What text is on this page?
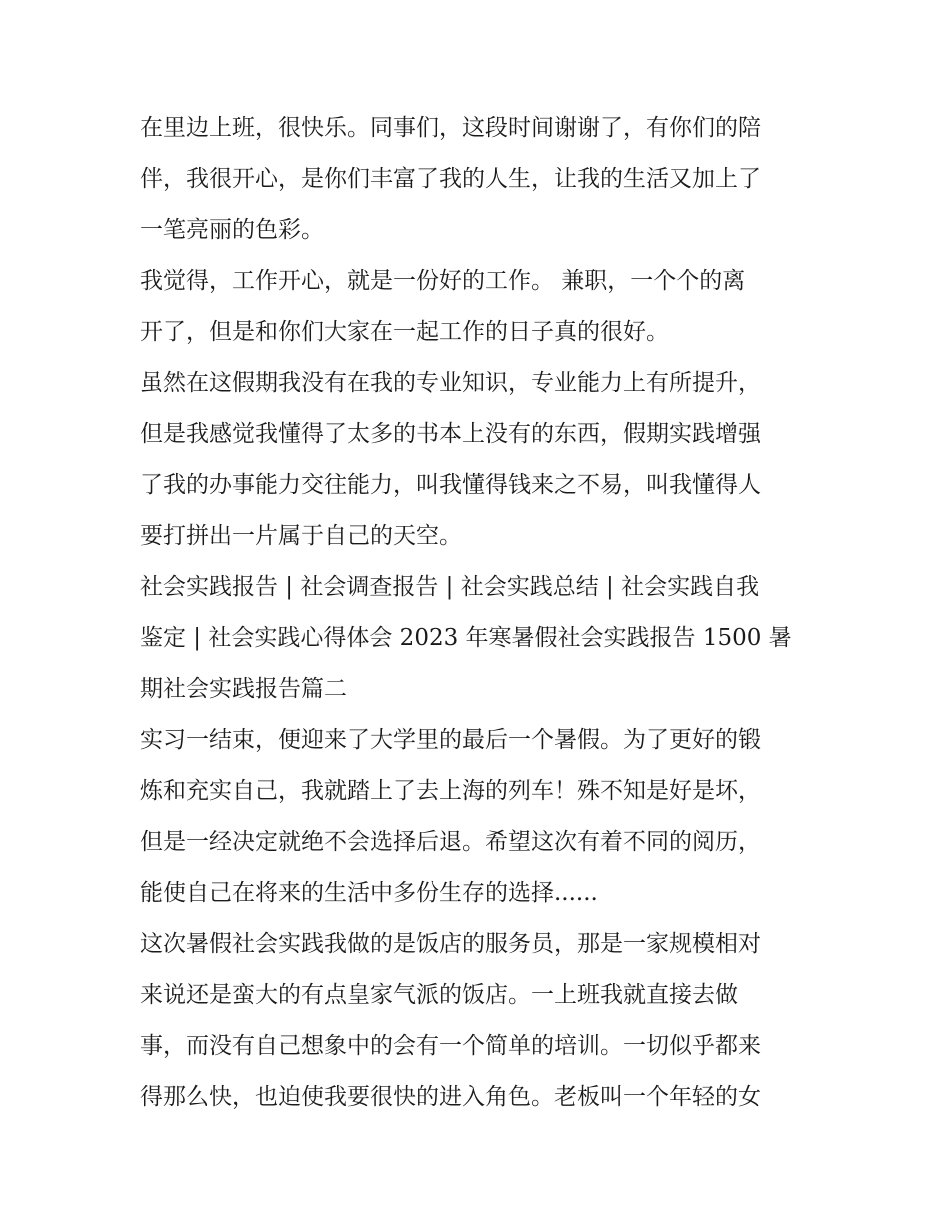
在里边上班，很快乐。同事们，这段时间谢谢了，有你们的陪

伴，我很开心，是你们丰富了我的人生，让我的生活又加上了

一笔亮丽的色彩。

我觉得，工作开心，就是一份好的工作。 兼职，一个个的离

开了，但是和你们大家在一起工作的日子真的很好。

虽然在这假期我没有在我的专业知识，专业能力上有所提升，

但是我感觉我懂得了太多的书本上没有的东西，假期实践增强

了我的办事能力交往能力，叫我懂得钱来之不易，叫我懂得人

要打拼出一片属于自己的天空。

社会实践报告 | 社会调查报告 | 社会实践总结 | 社会实践自我

鉴定 | 社会实践心得体会 2023 年寒暑假社会实践报告 1500 暑

期社会实践报告篇二

实习一结束，便迎来了大学里的最后一个暑假。为了更好的锻

炼和充实自己，我就踏上了去上海的列车！殊不知是好是坏，

但是一经决定就绝不会选择后退。希望这次有着不同的阅历，

能使自己在将来的生活中多份生存的选择......

这次暑假社会实践我做的是饭店的服务员，那是一家规模相对

来说还是蛮大的有点皇家气派的饭店。一上班我就直接去做

事，而没有自己想象中的会有一个简单的培训。一切似乎都来

得那么快，也迫使我要很快的进入角色。老板叫一个年轻的女
